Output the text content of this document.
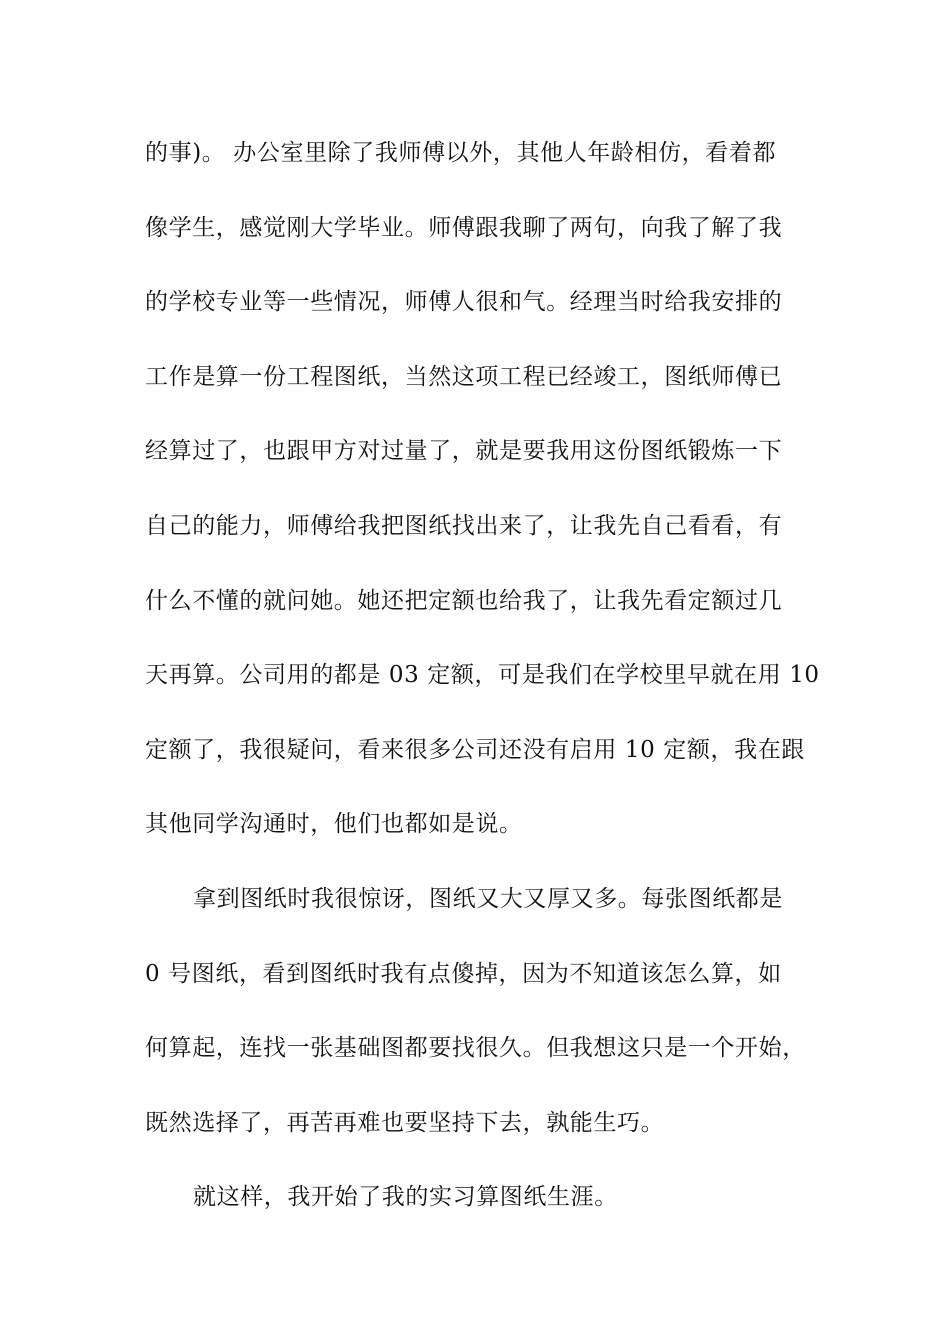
的事)。 办公室里除了我师傅以外，其他人年龄相仿，看着都
像学生，感觉刚大学毕业。师傅跟我聊了两句，向我了解了我
的学校专业等一些情况，师傅人很和气。经理当时给我安排的
工作是算一份工程图纸，当然这项工程已经竣工，图纸师傅已
经算过了，也跟甲方对过量了，就是要我用这份图纸锻炼一下
自己的能力，师傅给我把图纸找出来了，让我先自己看看，有
什么不懂的就问她。她还把定额也给我了，让我先看定额过几
天再算。公司用的都是 03 定额，可是我们在学校里早就在用 10
定额了，我很疑问，看来很多公司还没有启用 10 定额，我在跟
其他同学沟通时，他们也都如是说。
拿到图纸时我很惊讶，图纸又大又厚又多。每张图纸都是
0 号图纸，看到图纸时我有点傻掉，因为不知道该怎么算，如
何算起，连找一张基础图都要找很久。但我想这只是一个开始，
既然选择了，再苦再难也要坚持下去，孰能生巧。
就这样，我开始了我的实习算图纸生涯。
